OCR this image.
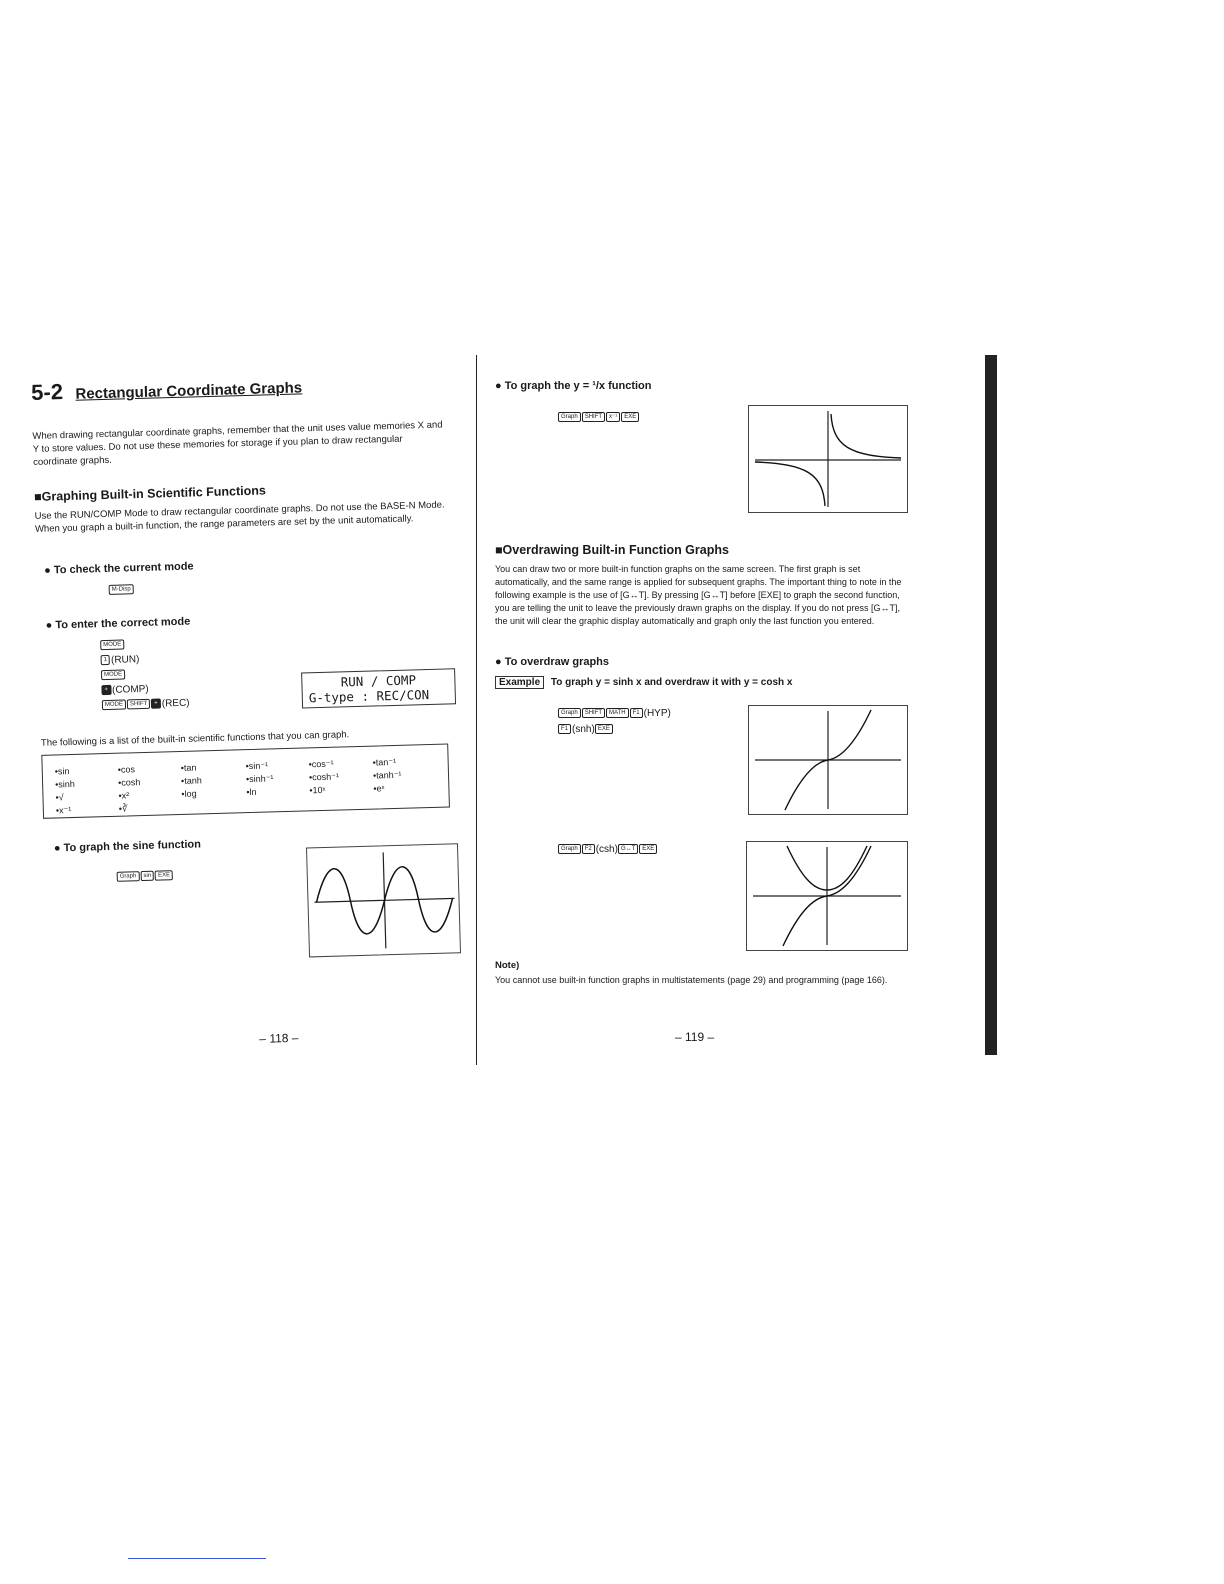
5-2 Rectangular Coordinate Graphs
When drawing rectangular coordinate graphs, remember that the unit uses value memories X and Y to store values. Do not use these memories for storage if you plan to draw rectangular coordinate graphs.
■Graphing Built-in Scientific Functions
Use the RUN/COMP Mode to draw rectangular coordinate graphs. Do not use the BASE-N Mode. When you graph a built-in function, the range parameters are set by the unit automatically.
● To check the current mode
M-Disp
● To enter the correct mode
MODE
1 (RUN)
MODE
+ (COMP)
MODE SHIFT + (REC)
RUN / COMP
G-type : REC/CON
The following is a list of the built-in scientific functions that you can graph.
•sin
•sinh
•√
•x⁻¹
•cos
•cosh
•x²
•∛
•tan
•tanh
•log
•sin⁻¹
•sinh⁻¹
•ln
•cos⁻¹
•cosh⁻¹
•10ˣ
•tan⁻¹
•tanh⁻¹
•eˣ
● To graph the sine function
Graph sin EXE
– 118 –
● To graph the y = ¹/x function
Graph SHIFT x⁻¹ EXE
■Overdrawing Built-in Function Graphs
You can draw two or more built-in function graphs on the same screen. The first graph is set automatically, and the same range is applied for subsequent graphs. The important thing to note in the following example is the use of [G↔T]. By pressing [G↔T] before [EXE] to graph the second function, you are telling the unit to leave the previously drawn graphs on the display. If you do not press [G↔T], the unit will clear the graphic display automatically and graph only the last function you entered.
● To overdraw graphs
Example To graph y = sinh x and overdraw it with y = cosh x
Graph SHIFT MATH F1 (HYP)
F1 (snh) EXE
Graph F2 (csh) G↔T EXE
Note)
You cannot use built-in function graphs in multistatements (page 29) and programming (page 166).
– 119 –
